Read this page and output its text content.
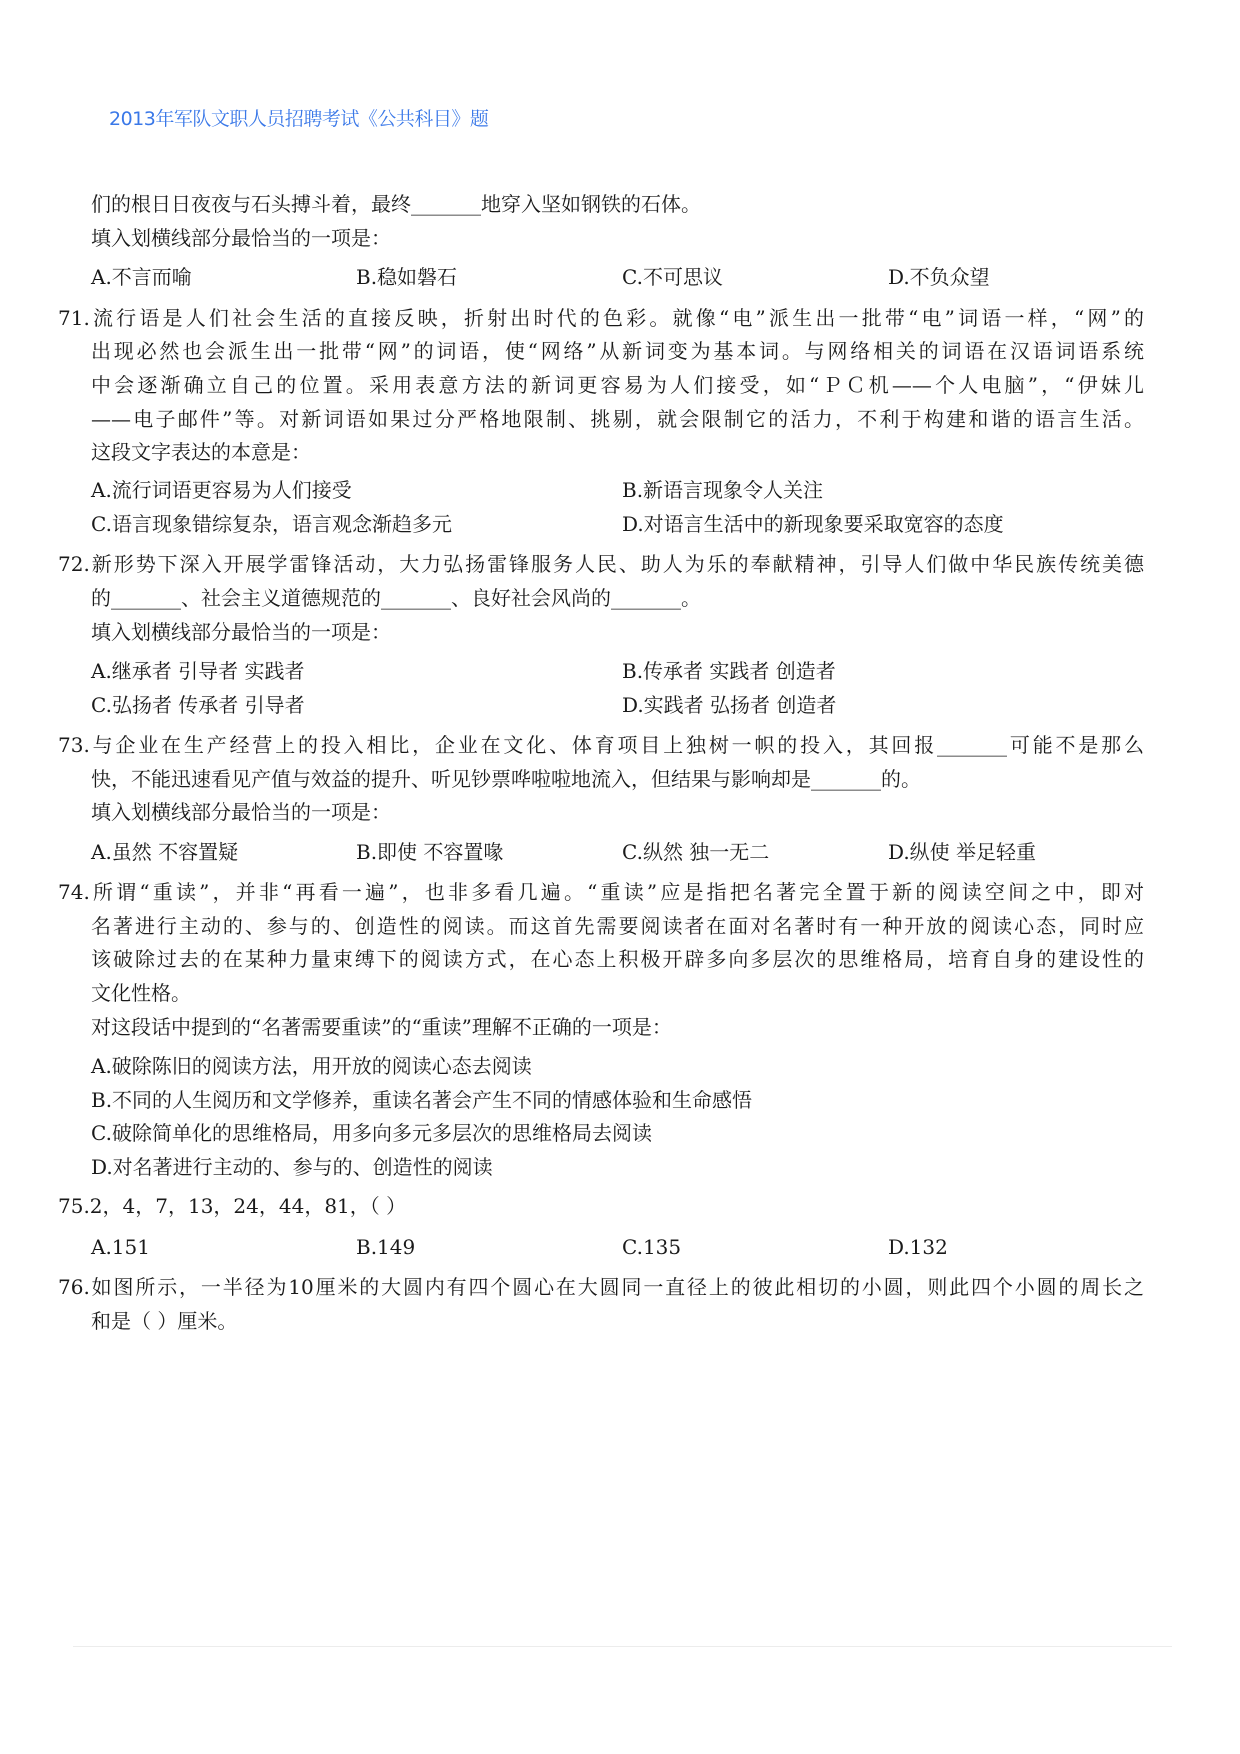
2013年军队文职人员招聘考试《公共科目》题
们的根日日夜夜与石头搏斗着，最终_______地穿入坚如钢铁的石体。
填入划横线部分最恰当的一项是：
A.不言而喻	B.稳如磐石	C.不可思议	D.不负众望
71.流行语是人们社会生活的直接反映，折射出时代的色彩。就像“电”派生出一批带“电”词语一样，“网”的
出现必然也会派生出一批带“网”的词语，使“网络”从新词变为基本词。与网络相关的词语在汉语词语系统
中会逐渐确立自己的位置。采用表意方法的新词更容易为人们接受，如“ＰＣ机——个人电脑”，“伊妹儿
——电子邮件”等。对新词语如果过分严格地限制、挑剔，就会限制它的活力，不利于构建和谐的语言生活。
这段文字表达的本意是：
A.流行词语更容易为人们接受	B.新语言现象令人关注
C.语言现象错综复杂，语言观念渐趋多元	D.对语言生活中的新现象要采取宽容的态度
72.新形势下深入开展学雷锋活动，大力弘扬雷锋服务人民、助人为乐的奉献精神，引导人们做中华民族传统美德
的_______、社会主义道德规范的_______、良好社会风尚的_______。
填入划横线部分最恰当的一项是：
A.继承者 引导者 实践者	B.传承者 实践者 创造者
C.弘扬者 传承者 引导者	D.实践者 弘扬者 创造者
73.与企业在生产经营上的投入相比，企业在文化、体育项目上独树一帜的投入，其回报_______可能不是那么
快，不能迅速看见产值与效益的提升、听见钞票哗啦啦地流入，但结果与影响却是_______的。
填入划横线部分最恰当的一项是：
A.虽然 不容置疑	B.即使 不容置喙	C.纵然 独一无二	D.纵使 举足轻重
74.所谓“重读”，并非“再看一遍”，也非多看几遍。“重读”应是指把名著完全置于新的阅读空间之中，即对
名著进行主动的、参与的、创造性的阅读。而这首先需要阅读者在面对名著时有一种开放的阅读心态，同时应
该破除过去的在某种力量束缚下的阅读方式，在心态上积极开辟多向多层次的思维格局，培育自身的建设性的
文化性格。
对这段话中提到的“名著需要重读”的“重读”理解不正确的一项是：
A.破除陈旧的阅读方法，用开放的阅读心态去阅读
B.不同的人生阅历和文学修养，重读名著会产生不同的情感体验和生命感悟
C.破除简单化的思维格局，用多向多元多层次的思维格局去阅读
D.对名著进行主动的、参与的、创造性的阅读
75.2，4，7，13，24，44，81，（ ）
A.151	B.149	C.135	D.132
76.如图所示，一半径为10厘米的大圆内有四个圆心在大圆同一直径上的彼此相切的小圆，则此四个小圆的周长之
和是（ ）厘米。
